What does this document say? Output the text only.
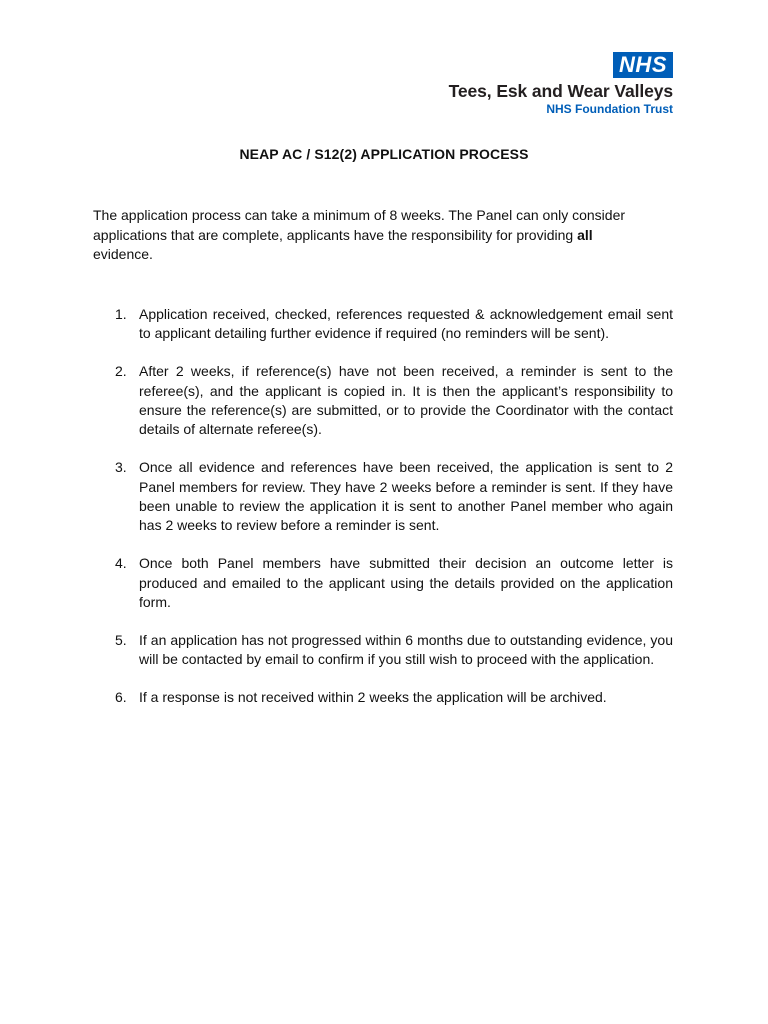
NHS
Tees, Esk and Wear Valleys
NHS Foundation Trust
NEAP AC / S12(2) APPLICATION PROCESS
The application process can take a minimum of 8 weeks. The Panel can only consider applications that are complete, applicants have the responsibility for providing all evidence.
1. Application received, checked, references requested & acknowledgement email sent to applicant detailing further evidence if required (no reminders will be sent).
2. After 2 weeks, if reference(s) have not been received, a reminder is sent to the referee(s), and the applicant is copied in. It is then the applicant’s responsibility to ensure the reference(s) are submitted, or to provide the Coordinator with the contact details of alternate referee(s).
3. Once all evidence and references have been received, the application is sent to 2 Panel members for review. They have 2 weeks before a reminder is sent. If they have been unable to review the application it is sent to another Panel member who again has 2 weeks to review before a reminder is sent.
4. Once both Panel members have submitted their decision an outcome letter is produced and emailed to the applicant using the details provided on the application form.
5. If an application has not progressed within 6 months due to outstanding evidence, you will be contacted by email to confirm if you still wish to proceed with the application.
6. If a response is not received within 2 weeks the application will be archived.
